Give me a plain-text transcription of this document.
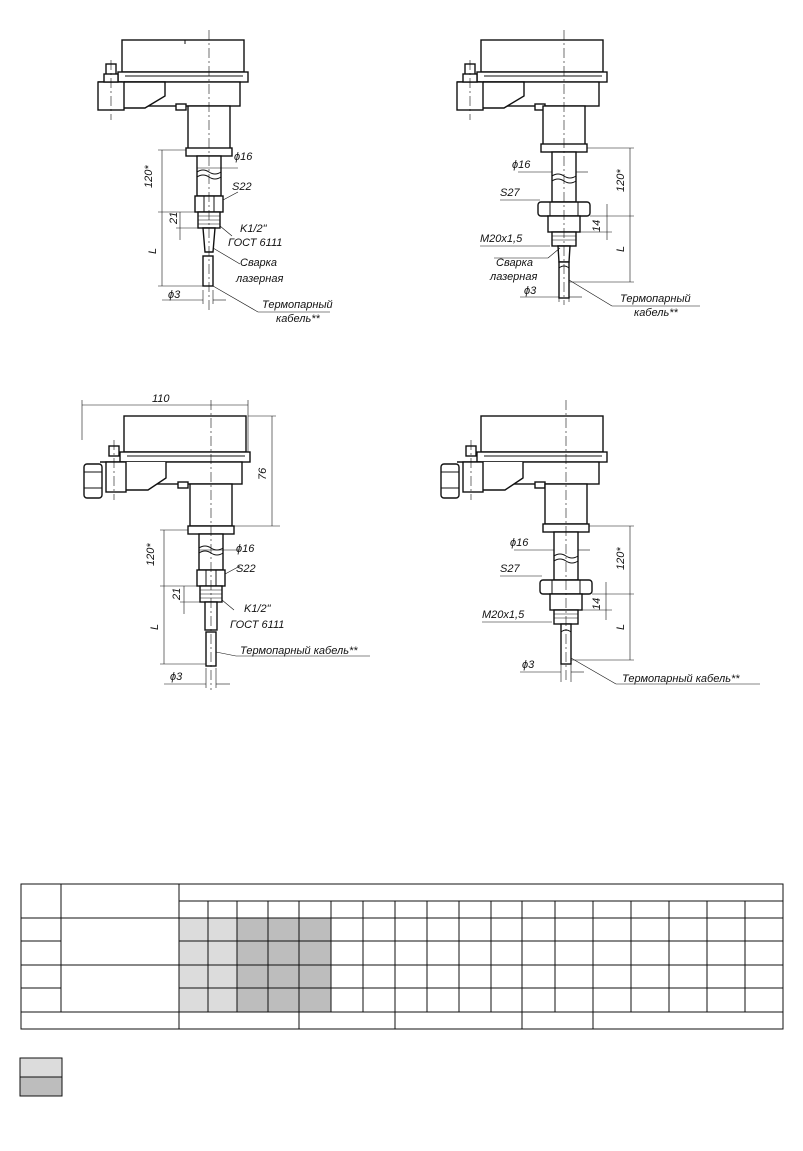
120*
21
L
ϕ16
S22
K1/2"
ГОСТ 6111
Сварка
лазерная
ϕ3
Термопарный
кабель**
ϕ16
120*
S27
14
M20x1,5
L
Сварка
лазерная
ϕ3
Термопарный
кабель**
110
76
120*	ϕ16
S22
21
K1/2"
ГОСТ 6111
L
Термопарный кабель**
ϕ3
ϕ16
120*
S27
M20x1,5
14
L
ϕ3
Термопарный кабель**
